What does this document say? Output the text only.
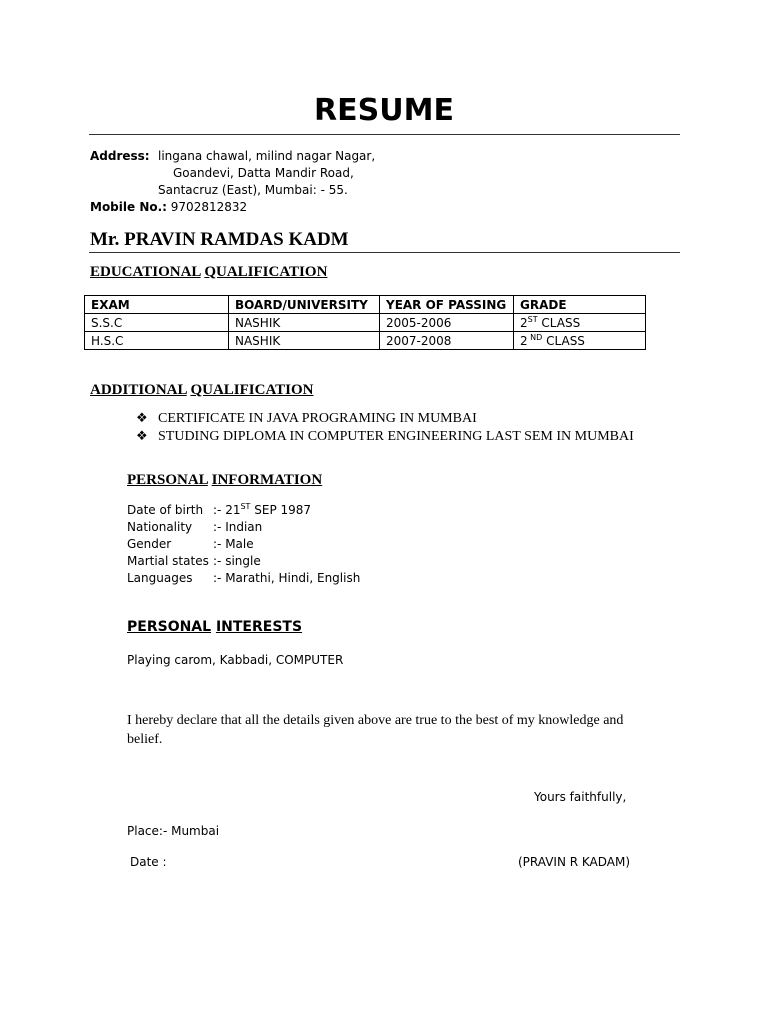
RESUME
Address: lingana chawal, milind nagar Nagar,
Goandevi, Datta Mandir Road,
Santacruz (East), Mumbai: - 55.
Mobile No.: 9702812832
Mr. PRAVIN RAMDAS KADM
EDUCATIONAL QUALIFICATION
EXAM	BOARD/UNIVERSITY	YEAR OF PASSING	GRADE
S.S.C	NASHIK	2005-2006	2ST CLASS
H.S.C	NASHIK	2007-2008	2 $^{ND}$ CLASS
ADDITIONAL QUALIFICATION
❖ CERTIFICATE IN JAVA PROGRAMING IN MUMBAI
❖ STUDING DIPLOMA IN COMPUTER ENGINEERING LAST SEM IN MUMBAI
PERSONAL INFORMATION
Date of birth :- 21ST SEP 1987
Nationality :- Indian
Gender	:- Male
Martial states :- single
Languages :- Marathi, Hindi, English
PERSONAL INTERESTS
Playing carom, Kabbadi, COMPUTER
I hereby declare that all the details given above are true to the best of my knowledge and belief.
Yours faithfully,
Place:- Mumbai
Date :	(PRAVIN R KADAM)
